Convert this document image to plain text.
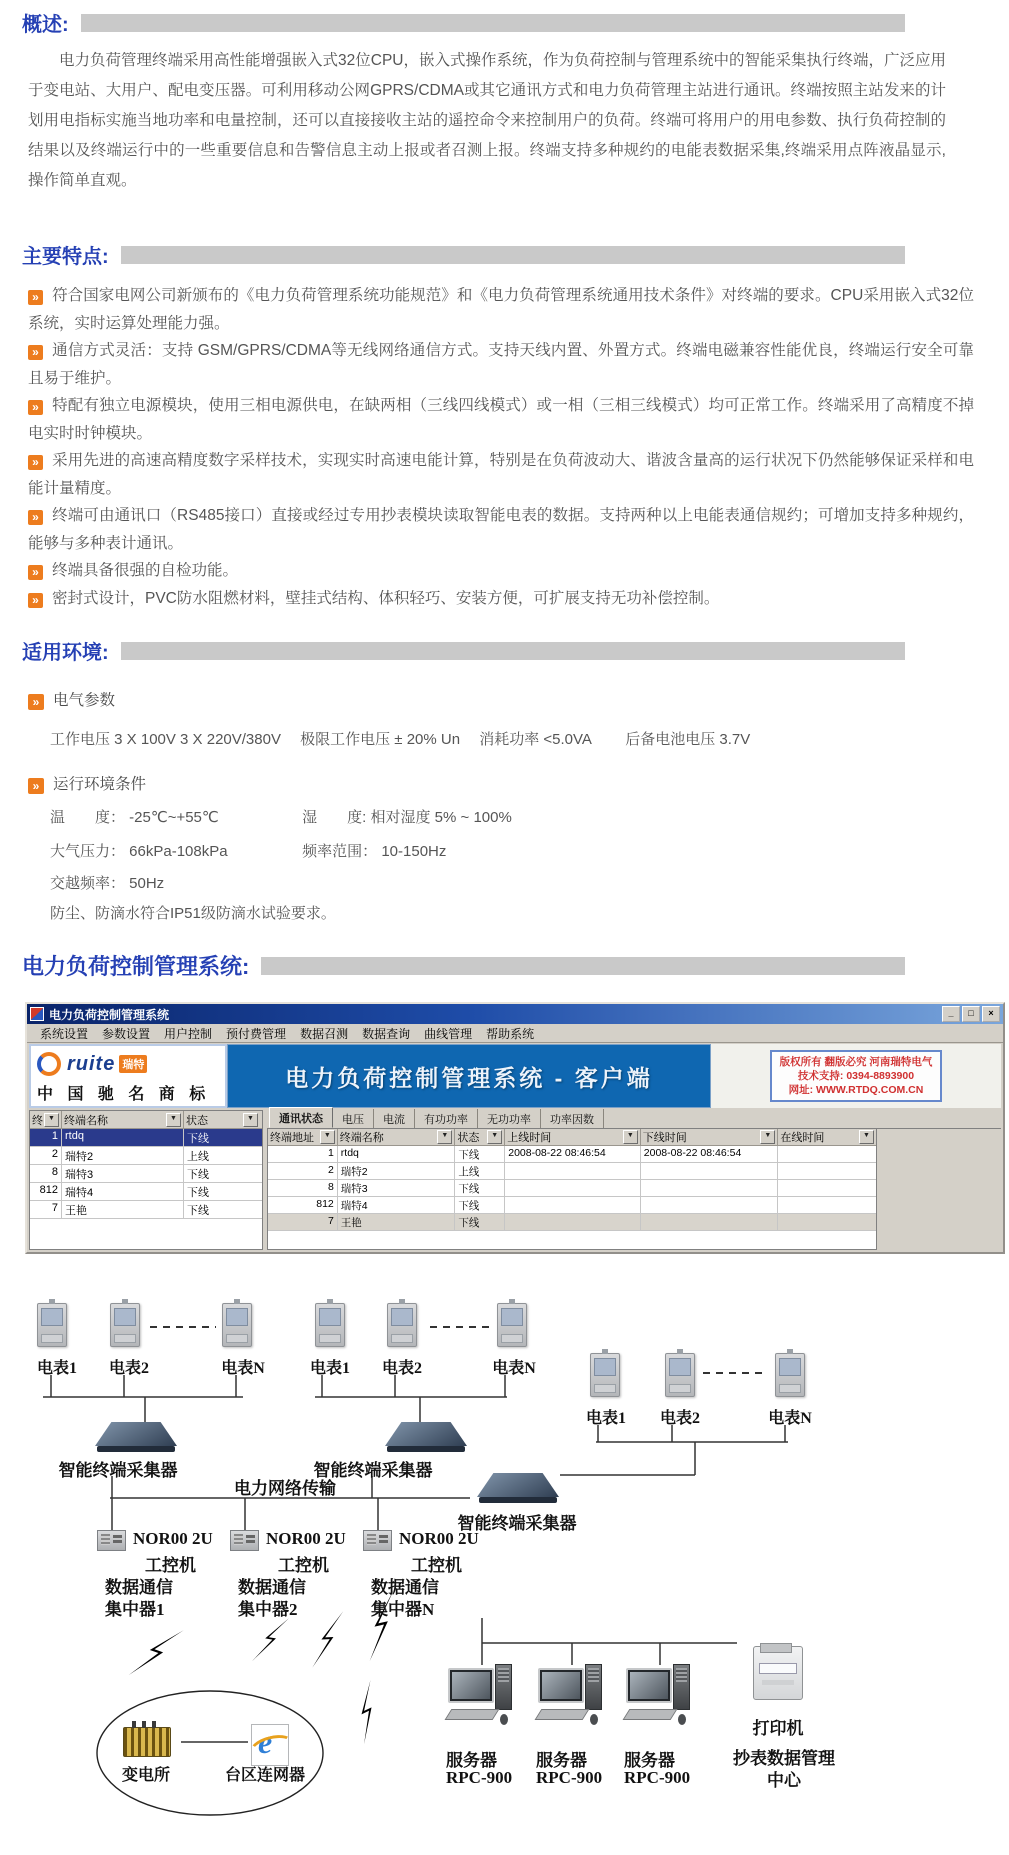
概述:
电力负荷管理终端采用高性能增强嵌入式32位CPU，嵌入式操作系统，作为负荷控制与管理系统中的智能采集执行终端，广泛应用于变电站、大用户、配电变压器。可利用移动公网GPRS/CDMA或其它通讯方式和电力负荷管理主站进行通讯。终端按照主站发来的计划用电指标实施当地功率和电量控制，还可以直接接收主站的遥控命令来控制用户的负荷。终端可将用户的用电参数、执行负荷控制的结果以及终端运行中的一些重要信息和告警信息主动上报或者召测上报。终端支持多种规约的电能表数据采集,终端采用点阵液晶显示,操作简单直观。
主要特点:
» 符合国家电网公司新颁布的《电力负荷管理系统功能规范》和《电力负荷管理系统通用技术条件》对终端的要求。CPU采用嵌入式32位系统，实时运算处理能力强。
» 通信方式灵活：支持 GSM/GPRS/CDMA等无线网络通信方式。支持天线内置、外置方式。终端电磁兼容性能优良，终端运行安全可靠且易于维护。
» 特配有独立电源模块，使用三相电源供电，在缺两相（三线四线模式）或一相（三相三线模式）均可正常工作。终端采用了高精度不掉电实时时钟模块。
» 采用先进的高速高精度数字采样技术，实现实时高速电能计算，特别是在负荷波动大、谐波含量高的运行状况下仍然能够保证采样和电能计量精度。
» 终端可由通讯口（RS485接口）直接或经过专用抄表模块读取智能电表的数据。支持两种以上电能表通信规约；可增加支持多种规约，能够与多种表计通讯。
» 终端具备很强的自检功能。
» 密封式设计，PVC防水阻燃材料，壁挂式结构、体积轻巧、安装方便，可扩展支持无功补偿控制。
适用环境:
» 电气参数
工作电压 3 X 100V 3 X 220V/380V　 极限工作电压 ± 20% Un　 消耗功率 <5.0VA　　 后备电池电压 3.7V
» 运行环境条件
温　　度： -25℃~+55℃	湿　　度: 相对湿度 5% ~ 100%
大气压力： 66kPa-108kPa	频率范围： 10-150Hz
交越频率： 50Hz
防尘、防滴水符合IP51级防滴水试验要求。
电力负荷控制管理系统:
电力负荷控制管理系统	_	□	×
系统设置	参数设置	用户控制	预付费管理	数据召测	数据查询	曲线管理	帮助系统
ruite 瑞特
中 国 驰 名 商 标
电力负荷控制管理系统 - 客户端
版权所有 翻版必究 河南瑞特电气
技术支持: 0394-8893900
网址: WWW.RTDQ.COM.CN
终 ▼ 终端名称	▼ 状态	▼
1 rtdq	下线
2 瑞特2	上线
8 瑞特3	下线
812 瑞特4	下线
7 王艳	下线
通讯状态	电压	电流	有功功率	无功功率	功率因数
终端地址	▼ 终端名称	▼ 状态	▼ 上线时间	▼ 下线时间	▼ 在线时间	▼
1 rtdq	下线	2008-08-22 08:46:54	2008-08-22 08:46:54
2 瑞特2	上线
8 瑞特3	下线
812 瑞特4	下线
7 王艳	下线
电表1	电表2	电表N	电表1	电表2	电表N
电表1	电表2	电表N
智能终端采集器	智能终端采集器
智能终端采集器
电力网络传输
NOR00 2U
工控机
数据通信
集中器1
NOR00 2U
工控机
数据通信
集中器2
NOR00 2U
工控机
数据通信
集中器N
变电所
e
台区连网器
服务器
RPC-900
服务器
RPC-900
服务器
RPC-900
打印机
抄表数据管理
中心
